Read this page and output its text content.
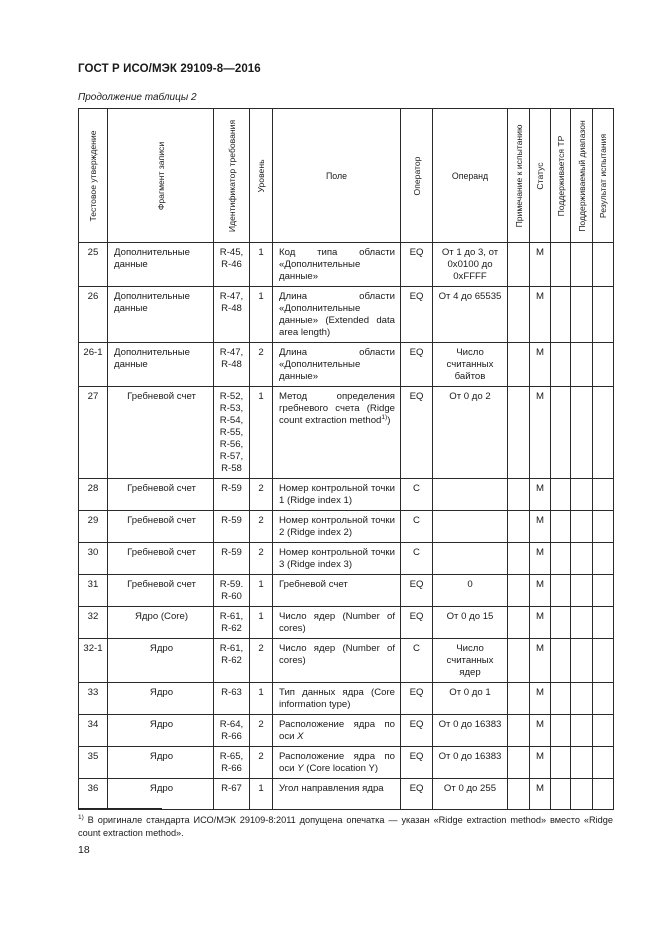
ГОСТ Р ИСО/МЭК 29109-8—2016
Продолжение таблицы 2
Тестовое утверждение	Фрагмент записи	Идентификатор требования	Уровень	Поле	Оператор	Операнд	Примечание к испытанию	Статус	Поддерживается ТР	Поддерживаемый диапазон	Результат испытания

25	Дополнительные данные	R-45, R-46	1	Код типа области «Дополнительные данные»	EQ	От 1 до 3, от 0x0100 до 0xFFFF		M			
26	Дополнительные данные	R-47, R-48	1	Длина области «Дополнительные данные» (Extended data area length)	EQ	От 4 до 65535		M			
26-1	Дополнительные данные	R-47, R-48	2	Длина области «Дополнительные данные»	EQ	Число считанных байтов		M			
27	Гребневой счет	R-52, R-53, R-54, R-55, R-56, R-57, R-58	1	Метод определения гребневого счета (Ridge count extraction method$^{1)}$)	EQ	От 0 до 2		M			
28	Гребневой счет	R-59	2	Номер контрольной точки 1 (Ridge index 1)	C			M			
29	Гребневой счет	R-59	2	Номер контрольной точки 2 (Ridge index 2)	C			M			
30	Гребневой счет	R-59	2	Номер контрольной точки 3 (Ridge index 3)	C			M			
31	Гребневой счет	R-59. R-60	1	Гребневой счет	EQ	0		M			
32	Ядро (Core)	R-61, R-62	1	Число ядер (Number of cores)	EQ	От 0 до 15		M			
32-1	Ядро	R-61, R-62	2	Число ядер (Number of cores)	C	Число считанных ядер		M			
33	Ядро	R-63	1	Тип данных ядра (Core information type)	EQ	От 0 до 1		M			
34	Ядро	R-64, R-66	2	Расположение ядра по оси X	EQ	От 0 до 16383		M			
35	Ядро	R-65, R-66	2	Расположение ядра по оси Y (Core location Y)	EQ	От 0 до 16383		M			
36	Ядро	R-67	1	Угол направления ядра	EQ	От 0 до 255		M			
$^{1)}$ В оригинале стандарта ИСО/МЭК 29109-8:2011 допущена опечатка — указан «Ridge extraction method» вместо «Ridge count extraction method».
18
